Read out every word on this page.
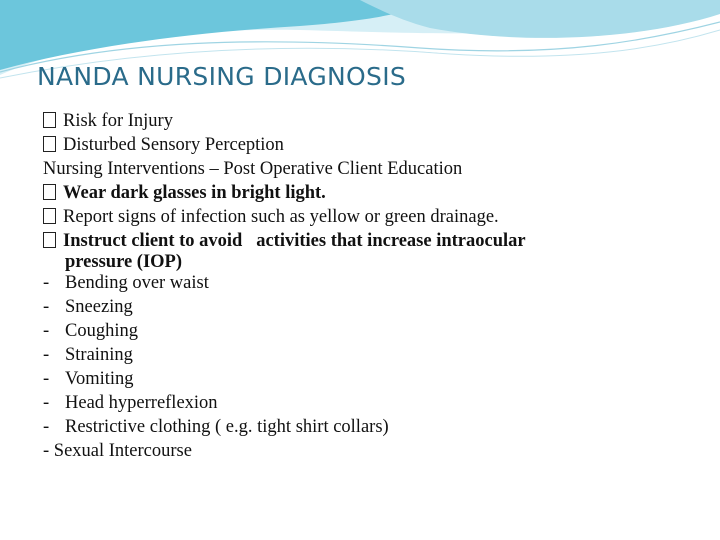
NANDA NURSING DIAGNOSIS
Risk for Injury
Disturbed Sensory Perception
Nursing Interventions – Post Operative Client Education
Wear dark glasses in bright light.
Report signs of infection such as yellow or green drainage.
Instruct client to avoid   activities that increase intraocular
pressure (IOP)
- Bending over waist
- Sneezing
- Coughing
- Straining
- Vomiting
- Head hyperreflexion
- Restrictive clothing ( e.g. tight shirt collars)
- Sexual Intercourse
